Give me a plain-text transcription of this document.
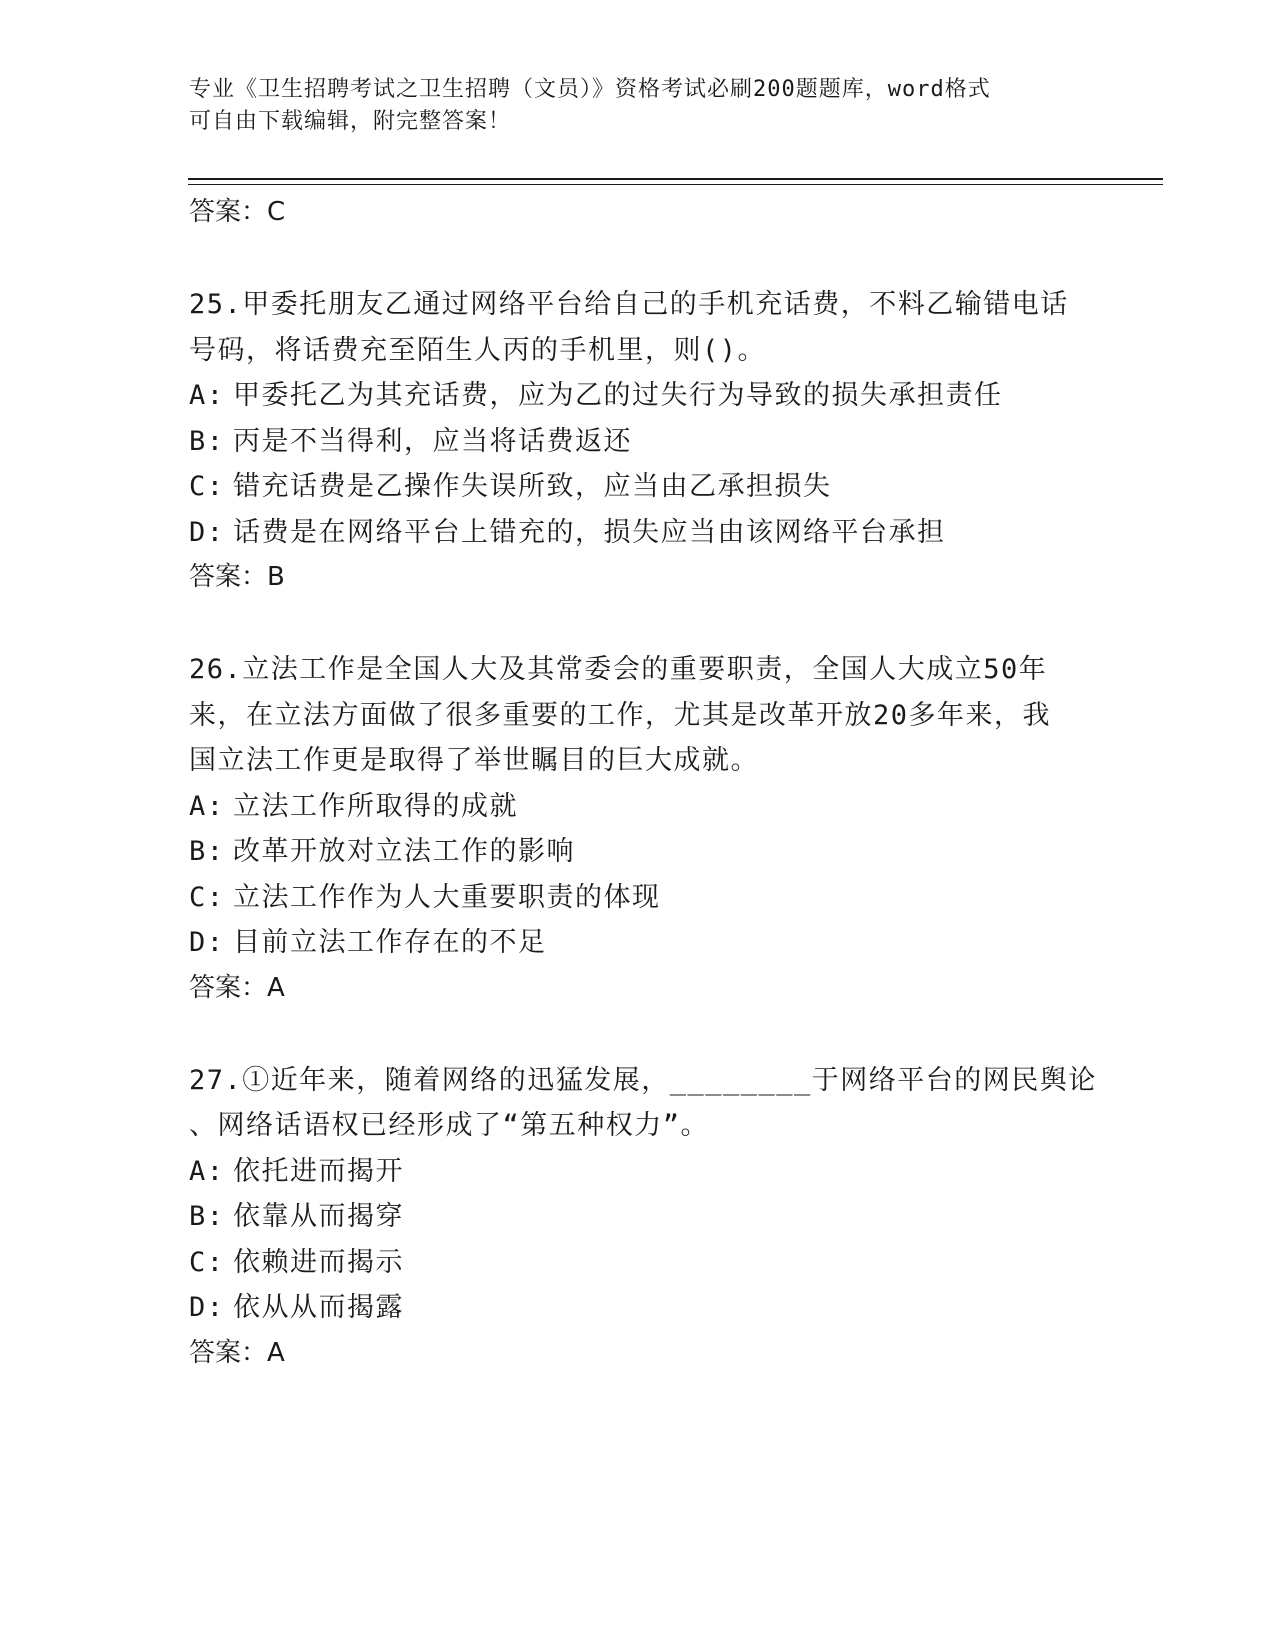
专业《卫生招聘考试之卫生招聘（文员）》资格考试必刷200题题库，word格式
可自由下载编辑，附完整答案！
答案：C
25.甲委托朋友乙通过网络平台给自己的手机充话费，不料乙输错电话
号码，将话费充至陌生人丙的手机里，则()。
A: 甲委托乙为其充话费，应为乙的过失行为导致的损失承担责任
B: 丙是不当得利，应当将话费返还
C: 错充话费是乙操作失误所致，应当由乙承担损失
D: 话费是在网络平台上错充的，损失应当由该网络平台承担
答案：B
26.立法工作是全国人大及其常委会的重要职责，全国人大成立50年
来，在立法方面做了很多重要的工作，尤其是改革开放20多年来，我
国立法工作更是取得了举世瞩目的巨大成就。
A: 立法工作所取得的成就
B: 改革开放对立法工作的影响
C: 立法工作作为人大重要职责的体现
D: 目前立法工作存在的不足
答案：A
27.①近年来，随着网络的迅猛发展，________于网络平台的网民舆论
、网络话语权已经形成了“第五种权力”。
A: 依托进而揭开
B: 依靠从而揭穿
C: 依赖进而揭示
D: 依从从而揭露
答案：A
